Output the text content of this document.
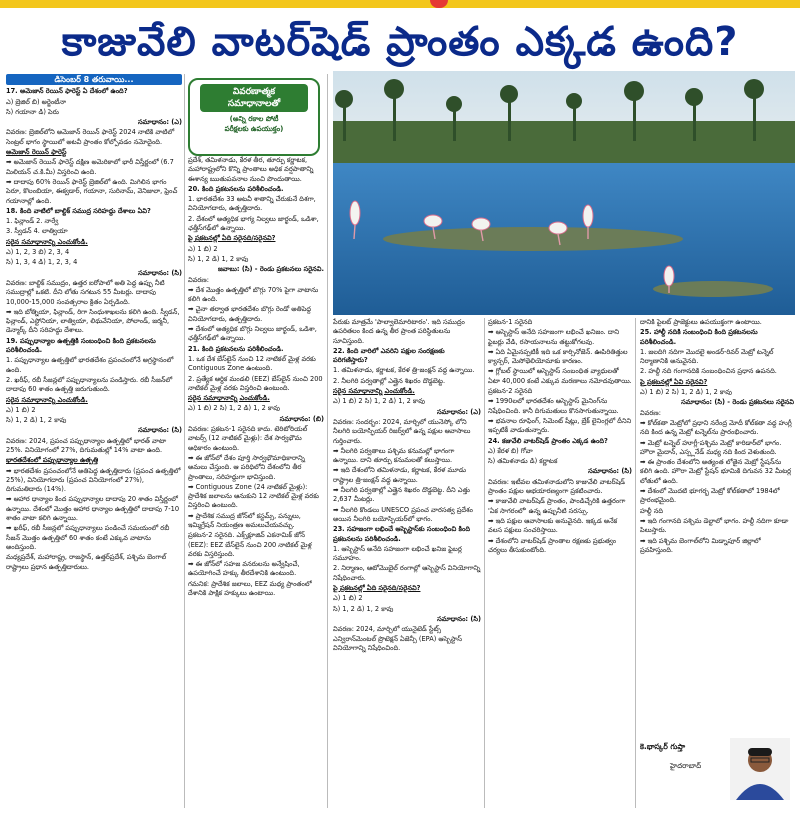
కాజువేలి వాటర్‌షెడ్ ప్రాంతం ఎక్కడ ఉంది?
డిసెంబర్ 8 తరువాయి...

17. అమెజాన్ రెయిన్ ఫారెస్ట్ ఏ దేశంలో ఉంది?

ఎ) బ్రెజిల్ బి) అర్జెంటీనా

సి) గయానా డి) పెరు

సమాధానం: (ఎ)

వివరణ: బ్రెజిల్‌లోని అమెజాన్ రెయిన్ ఫారెస్ట్ 2024 నాటికి వాటిలో సెంట్రల్ భాగం స్థాయిలో అటవీ ప్రాంతం కోల్పోవడం నమోదైంది.

అమెజాన్ రెయిన్ ఫారెస్ట్

➡ అమెజాన్ రెయిన్ ఫారెస్ట్ దక్షిణ అమెరికాలో భారీ విస్తీర్ణంలో (6.7 మిలియన్ చ.కి.మీ) విస్తరించి ఉంది.

➡ దాదాపు 60% రెయిన్ ఫారెస్ట్ బ్రెజిల్‌లో ఉంది. మిగిలిన భాగం పెరూ, కొలంబియా, ఈక్వడార్, గయానా, సురినామ్, వెనిజులా, ఫ్రెంచ్ గయానాల్లో ఉంది.

18. కింది వాటిలో బాల్టిక్ సముద్ర సరిహద్దు దేశాలు ఏవి?

1. ఫిన్లాండ్ 2. నార్వే

3. స్వీడన్ 4. లాత్వియా

సరైన సమాధానాన్ని ఎంచుకోండి.

ఎ) 1, 2, 3 బి) 2, 3, 4

సి) 1, 3, 4 డి) 1, 2, 3, 4

సమాధానం: (సి)

వివరణ: బాల్టిక్ సముద్రం, ఉత్తర ఐరోపాలో అతి పెద్ద ఉప్పు నీటి సముద్రాల్లో ఒకటి. దీని లోతు సగటున 55 మీటర్లు. దాదాపు 10,000-15,000 సంవత్సరాల క్రితం ఏర్పడింది.

➡ ఇది బోత్నియా, ఫిన్లాండ్, రిగా సింధుశాఖలను కలిగి ఉంది. స్వీడన్, ఫిన్లాండ్, ఎస్టోనియా, లాత్వియా, లిథువేనియా, పోలాండ్, జర్మనీ, డెన్మార్క్ దీని సరిహద్దు దేశాలు.

19. పప్పుధాన్యాల ఉత్పత్తికి సంబంధించి కింది ప్రకటనలను పరిశీలించండి.

1. పప్పుధాన్యాల ఉత్పత్తిలో భారతదేశం ప్రపంచంలోనే అగ్రస్థానంలో ఉంది.

2. ఖరీఫ్, రబీ సీజన్లలో పప్పుధాన్యాలను పండిస్తారు. రబీ సీజన్‌లో దాదాపు 60 శాతం ఉత్పత్తి జరుగుతుంది.

సరైన సమాధానాన్ని ఎంచుకోండి.

ఎ) 1 బి) 2

సి) 1, 2 డి) 1, 2 కావు

సమాధానం: (సి)

వివరణ: 2024, ప్రపంచ పప్పుధాన్యాల ఉత్పత్తిలో భారత్ వాటా 25%. వినియోగంలో 27%, దిగుమతుల్లో 14% వాటా ఉంది.

భారతదేశంలో పప్పుధాన్యాల ఉత్పత్తి

➡ భారతదేశం ప్రపంచంలోనే అతిపెద్ద ఉత్పత్తిదారు (ప్రపంచ ఉత్పత్తిలో 25%), వినియోగదారు (ప్రపంచ వినియోగంలో 27%), దిగుమతిదారు (14%).

➡ ఆహార ధాన్యాల కింద పప్పుధాన్యాల దాదాపు 20 శాతం విస్తీర్ణంలో ఉన్నాయి. దేశంలో మొత్తం ఆహార ధాన్యాల ఉత్పత్తిలో దాదాపు 7-10 శాతం వాటా కలిగి ఉన్నాయి.

➡ ఖరీఫ్, రబీ సీజన్లలో పప్పుధాన్యాలు పండించే సమయంలో రబీ సీజన్ మొత్తం ఉత్పత్తిలో 60 శాతం కంటే ఎక్కువ వాటాను అందిస్తుంది.

మధ్యప్రదేశ్, మహారాష్ట్ర, రాజస్థాన్, ఉత్తర్‌ప్రదేశ్, పశ్చిమ బెంగాల్ రాష్ట్రాలు ప్రధాన ఉత్పత్తిదారులు.

వివరణాత్మక
సమాధానాలతో
(అన్ని రకాల పోటీ
పరీక్షలకు ఉపయుక్తం)

ప్రదేశ్, తమిళనాడు, కేరళ తీర, తూర్పు కర్ణాటక, మహారాష్ట్రలోని కొన్ని ప్రాంతాలు అధిక వర్షపాతాన్ని ఈశాన్య ఋతుపవనాల నుంచి పొందుతాయి.

20. కింది ప్రకటనలను పరిశీలించండి.

1. భారతదేశం 33 అటవీ శాతాన్ని చేరుకునే దిశగా, వినియోగదారు, ఉత్పత్తిదారు.

2. దేశంలో అత్యధిక భాగ్య నిల్వలు జార్ఖండ్, ఒడిశా, ఛత్తీస్‌గఢ్‌లో ఉన్నాయి.

పై ప్రకటనల్లో ఏది సరైనది/సరైనవి?

ఎ) 1 బి) 2

సి) 1, 2 డి) 1, 2 కావు

జవాబు: (సి) - రెండు ప్రకటనలు సరైనవి.

వివరణ:

➡ దేశ మొత్తం ఉత్పత్తిలో బొగ్గు 70% పైగా వాటాను కలిగి ఉంది.

➡ చైనా తర్వాత భారతదేశం బొగ్గు రెండో అతిపెద్ద వినియోగదారు, ఉత్పత్తిదారు.

➡ దేశంలో అత్యధిక బొగ్గు నిల్వలు జార్ఖండ్, ఒడిశా, ఛత్తీస్‌గఢ్‌లో ఉన్నాయి.

21. కింది ప్రకటనలను పరిశీలించండి.

1. ఒక దేశ బేస్‌లైన్ నుంచి 12 నాటికల్ మైళ్ల వరకు Contiguous Zone ఉంటుంది.

2. ప్రత్యేక ఆర్థిక మండలి (EEZ) బేస్‌లైన్ నుంచి 200 నాటికల్ మైళ్ల వరకు విస్తరించి ఉంటుంది.

సరైన సమాధానాన్ని ఎంచుకోండి.

ఎ) 1 బి) 2 సి) 1, 2 డి) 1, 2 కావు

సమాధానం: (బి)

వివరణ: ప్రకటన-1 సరైనది కాదు. టెరిటోరియల్ వాటర్స్ (12 నాటికల్ మైళ్లు): దేశ సార్వభౌమ అధికారం ఉంటుంది.

➡ ఈ జోన్‌లో దేశం పూర్తి సార్వభౌమాధికారాన్ని అమలు చేస్తుంది. ఆ పరిధిలోని దేశంలోని తీర ప్రాంతాలు, సరిహద్దుగా భావిస్తుంది.

➡ Contiguous Zone (24 నాటికల్ మైళ్లు): ప్రాదేశిక జలాలను ఆనుకుని 12 నాటికల్ మైళ్ల వరకు విస్తరించి ఉంటుంది.

➡ ప్రాదేశిక సముద్ర జోన్‌లో కస్టమ్స్, పన్నులు, ఇమ్మిగ్రేషన్ నియంత్రణ అమలుచేయవచ్చు.

ప్రకటన-2 సరైనది. ఎక్స్‌క్లూజివ్ ఎకనామిక్ జోన్ (EEZ): EEZ బేస్‌లైన్ నుంచి 200 నాటికల్ మైళ్ల వరకు విస్తరిస్తుంది.

➡ ఈ జోన్‌లో సహజ వనరులను అన్వేషించే, ఉపయోగించే హక్కు తీరదేశానికి ఉంటుంది.

గమనిక: ప్రాదేశిక జలాలు, EEZ మధ్య ప్రాంతంలో దేశానికి పాక్షిక హక్కులు ఉంటాయి.

పేరుకు మాత్రమే 'పాల్వాలెమారిటారం'. ఇది సముద్రం ఉపరితలం కింద ఉన్న తీర ప్రాంత పరిస్థితులను సూచిస్తుంది.

22. కింది వారిలో ఎవరిని పక్షుల సంరక్షణకు పరిగణిస్తారు?

1. తమిళనాడు, కర్ణాటక, కేరళ త్రి-జంక్షన్ వద్ద ఉన్నాయి.

2. నీలగిరి పర్వతాల్లో ఎత్తైన శిఖరం దొడ్డబెట్ట.

సరైన సమాధానాన్ని ఎంచుకోండి.

ఎ) 1 బి) 2 సి) 1, 2 డి) 1, 2 కావు

సమాధానం: (ఎ)

వివరణ: సందర్భం: 2024, మార్చిలో యునెస్కో లోని నీలగిరి బయోస్ఫియర్ రిజర్వ్‌లో ఉన్న పక్షుల ఆవాసాలు గుర్తించారు.

➡ నీలగిరి పర్వతాలు పశ్చిమ కనుమల్లో భాగంగా ఉన్నాయి. దాని తూర్పు కనుమలతో కలుస్తాయి.

➡ ఇది దేశంలోని తమిళనాడు, కర్ణాటక, కేరళ మూడు రాష్ట్రాల త్రి-జంక్షన్ వద్ద ఉన్నాయి.

➡ నీలగిరి పర్వతాల్లో ఎత్తైన శిఖరం దొడ్డబెట్ట. దీని ఎత్తు 2,637 మీటర్లు.

➡ నీలగిరి కొండలు UNESCO ప్రపంచ వారసత్వ ప్రదేశం అయిన నీలగిరి బయోస్ఫియర్‌లో భాగం.

23. సహజంగా లభించే ఆస్బెస్టాస్‌కు సంబంధించి కింది ప్రకటనలను పరిశీలించండి.

1. ఆస్బెస్టాస్ అనేది సహజంగా లభించే ఖనిజ ఫైబర్ల సమూహం.

2. నిర్మాణం, ఆటోమొబైల్ రంగాల్లో ఆస్బెస్టాస్ వినియోగాన్ని నిషేధించారు.

పై ప్రకటనల్లో ఏది సరైనది/సరైనవి?

ఎ) 1 బి) 2

సి) 1, 2 డి) 1, 2 కావు

సమాధానం: (సి)

వివరణ: 2024, మార్చిలో యునైటెడ్ స్టేట్స్ ఎన్విరాన్‌మెంటల్ ప్రొటెక్షన్ ఏజెన్సీ (EPA) ఆస్బెస్టాస్ వినియోగాన్ని నిషేధించింది.

ప్రకటన-1 సరైనది

➡ ఆస్బెస్టాస్ అనేది సహజంగా లభించే ఖనిజం. దాని ఫైబర్లు వేడి, రసాయనాలను తట్టుకోగలవు.

➡ ఏది ఏమైనప్పటికీ ఇది ఒక కార్సినోజెన్. ఊపిరితిత్తుల క్యాన్సర్, మెసోథెలియోమాకు కారణం.

➡ గ్లోబల్ స్థాయిలో ఆస్బెస్టాస్ సంబంధిత వ్యాధులతో ఏటా 40,000 కంటే ఎక్కువ మరణాలు నమోదవుతాయి.

ప్రకటన-2 సరైనది

➡ 1990లలో భారతదేశం ఆస్బెస్టాస్ మైనింగ్‌ను నిషేధించింది. కానీ దిగుమతులు కొనసాగుతున్నాయి.

➡ భవనాల రూఫింగ్, సిమెంట్ షీట్లు, బ్రేక్ లైనింగ్లలో దీనిని ఇప్పటికీ వాడుతున్నారు.

24. కజువేలి వాటర్‌షెడ్ ప్రాంతం ఎక్కడ ఉంది?

ఎ) కేరళ బి) గోవా

సి) తమిళనాడు డి) కర్ణాటక

సమాధానం: (సి)

వివరణ: ఇటీవల తమిళనాడులోని కాజువేలి వాటర్‌షెడ్ ప్రాంతం పక్షుల అభయారణ్యంగా ప్రకటించారు.

➡ కాజువేలి వాటర్‌షెడ్ ప్రాంతం, పాండిచ్చేరికి ఉత్తరంగా 'ఏక సాగరంలో' ఉన్న ఉప్పునీటి సరస్సు.

➡ ఇది పక్షుల ఆవాసాలకు అనువైనది. ఇక్కడ అనేక వలస పక్షులు సంచరిస్తాయి.

➡ దేశంలోని వాటర్‌షెడ్ ప్రాంతాల రక్షణకు ప్రభుత్వం చర్యలు తీసుకుంటోంది.

దానికి పైలట్ ప్రాజెక్టులు ఉపయుక్తంగా ఉంటాయి.

25. హాల్దీ నదికి సంబంధించి కింది ప్రకటనలను పరిశీలించండి.

1. జలదిగి నదిగా మొదలై అండర్-రివర్ మెట్రో టన్నెల్ నిర్మాణానికి అనువైనది.

2. హల్దీ నది గంగానదికి సంబంధించిన ప్రధాన ఉపనది.

పై ప్రకటనల్లో ఏవి సరైనవి?

ఎ) 1 బి) 2 సి) 1, 2 డి) 1, 2 కావు

సమాధానం: (సి) - రెండు ప్రకటనలు సరైనవి

వివరణ:

➡ కోల్‌కతా మెట్రోలో ప్రధాని నరేంద్ర మోదీ కోల్‌కతా వద్ద హుగ్లీ నది కింద ఉన్న మెట్రో టన్నెల్‌ను ప్రారంభించారు.

➡ మెట్రో టన్నెల్ హూగ్లీ-పశ్చిమ మెట్రో కారిడార్‌లో భాగం. హౌరా మైదాన్, ఎస్ప్లనేడ్ మధ్య నది కింద వెళుతుంది.

➡ ఈ ప్రాంతం దేశంలోని అత్యంత లోతైన మెట్రో స్టేషన్‌ను కలిగి ఉంది. హౌరా మెట్రో స్టేషన్ భూమికి దిగువన 32 మీటర్ల లోతులో ఉంది.

➡ దేశంలో మొదటి భూగర్భ మెట్రో కోల్‌కతాలో 1984లో ప్రారంభమైంది.

హల్దీ నది

➡ ఇది గంగానది పశ్చిమ డెల్టాలో భాగం. హల్దీ నదిగా కూడా పిలుస్తారు.

➡ ఇది పశ్చిమ బెంగాల్‌లోని మిడ్నాపూర్ జిల్లాలో ప్రవహిస్తుంది.

కె.భాస్కర్ గుప్తా
హైదరాబాద్
